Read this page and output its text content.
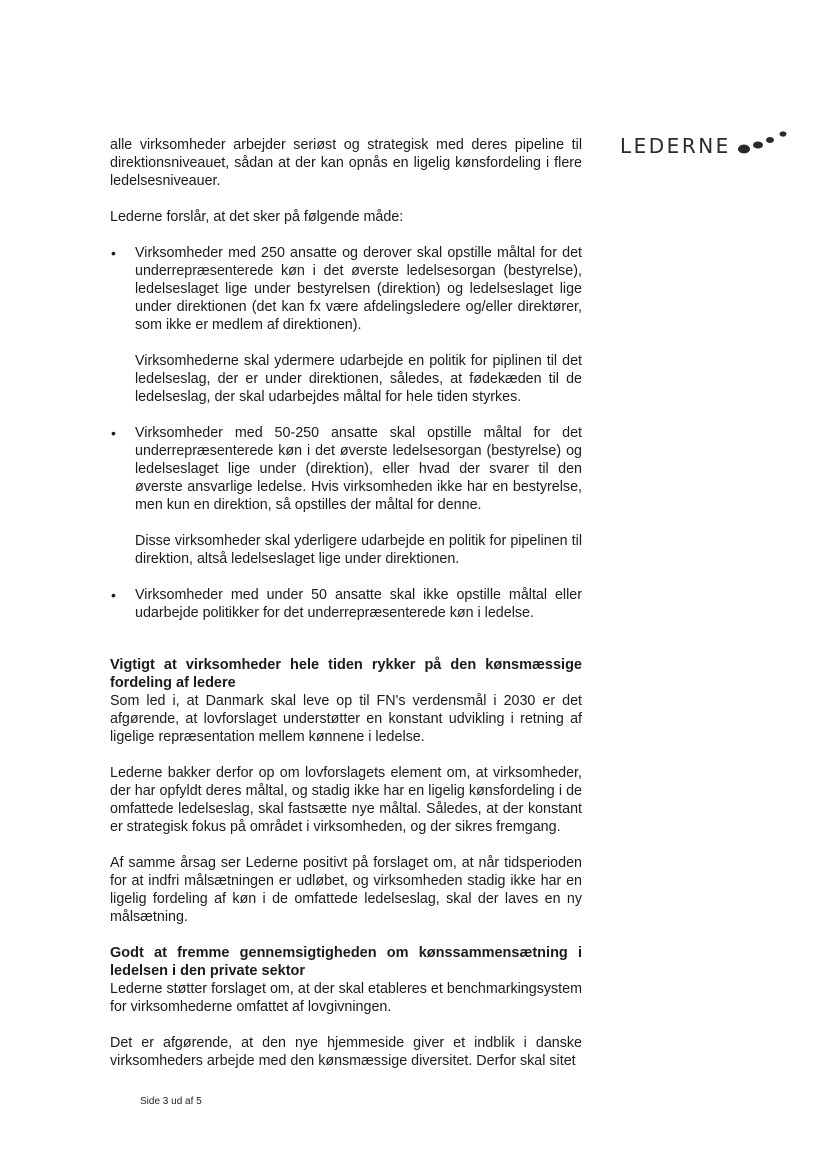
LEDERNE

alle virksomheder arbejder seriøst og strategisk med deres pipeline til direktionsniveauet, sådan at der kan opnås en ligelig kønsfordeling i flere ledelsesniveauer.

Lederne forslår, at det sker på følgende måde:

• Virksomheder med 250 ansatte og derover skal opstille måltal for det underrepræsenterede køn i det øverste ledelsesorgan (bestyrelse), ledelseslaget lige under bestyrelsen (direktion) og ledelseslaget lige under direktionen (det kan fx være afdelingsledere og/eller direktører, som ikke er medlem af direktionen).

Virksomhederne skal ydermere udarbejde en politik for piplinen til det ledelseslag, der er under direktionen, således, at fødekæden til de ledelseslag, der skal udarbejdes måltal for hele tiden styrkes.

• Virksomheder med 50-250 ansatte skal opstille måltal for det underrepræsenterede køn i det øverste ledelsesorgan (bestyrelse) og ledelseslaget lige under (direktion), eller hvad der svarer til den øverste ansvarlige ledelse. Hvis virksomheden ikke har en bestyrelse, men kun en direktion, så opstilles der måltal for denne.

Disse virksomheder skal yderligere udarbejde en politik for pipelinen til direktion, altså ledelseslaget lige under direktionen.

• Virksomheder med under 50 ansatte skal ikke opstille måltal eller udarbejde politikker for det underrepræsenterede køn i ledelse.

Vigtigt at virksomheder hele tiden rykker på den kønsmæssige fordeling af ledere

Som led i, at Danmark skal leve op til FN's verdensmål i 2030 er det afgørende, at lovforslaget understøtter en konstant udvikling i retning af ligelige repræsentation mellem kønnene i ledelse.

Lederne bakker derfor op om lovforslagets element om, at virksomheder, der har opfyldt deres måltal, og stadig ikke har en ligelig kønsfordeling i de omfattede ledelseslag, skal fastsætte nye måltal. Således, at der konstant er strategisk fokus på området i virksomheden, og der sikres fremgang.

Af samme årsag ser Lederne positivt på forslaget om, at når tidsperioden for at indfri målsætningen er udløbet, og virksomheden stadig ikke har en ligelig fordeling af køn i de omfattede ledelseslag, skal der laves en ny målsætning.

Godt at fremme gennemsigtigheden om kønssammensætning i ledelsen i den private sektor

Lederne støtter forslaget om, at der skal etableres et benchmarkingsystem for virksomhederne omfattet af lovgivningen.

Det er afgørende, at den nye hjemmeside giver et indblik i danske virksomheders arbejde med den kønsmæssige diversitet. Derfor skal sitet

Side 3 ud af 5
